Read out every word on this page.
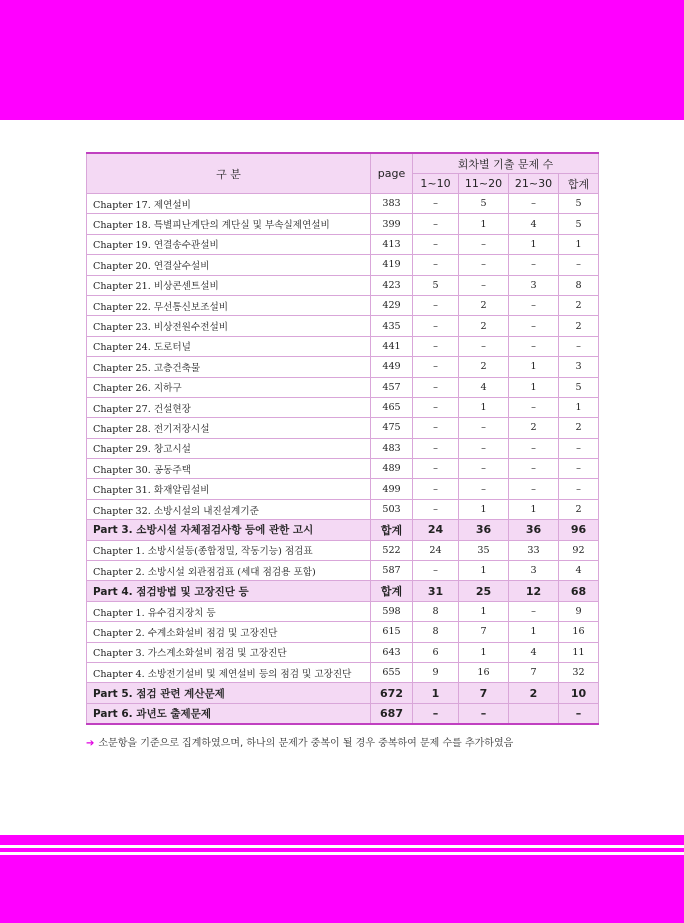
구 분	page	회차별 기출 문제 수			
		1~10	11~20	21~30	합계
Chapter 17. 제연설비	383	–	5	–	5
Chapter 18. 특별피난계단의 계단실 및 부속실제연설비	399	–	1	4	5
Chapter 19. 연결송수관설비	413	–	–	1	1
Chapter 20. 연결살수설비	419	–	–	–	–
Chapter 21. 비상콘센트설비	423	5	–	3	8
Chapter 22. 무선통신보조설비	429	–	2	–	2
Chapter 23. 비상전원수전설비	435	–	2	–	2
Chapter 24. 도로터널	441	–	–	–	–
Chapter 25. 고층건축물	449	–	2	1	3
Chapter 26. 지하구	457	–	4	1	5
Chapter 27. 건설현장	465	–	1	–	1
Chapter 28. 전기저장시설	475	–	–	2	2
Chapter 29. 창고시설	483	–	–	–	–
Chapter 30. 공동주택	489	–	–	–	–
Chapter 31. 화재알림설비	499	–	–	–	–
Chapter 32. 소방시설의 내진설계기준	503	–	1	1	2
Part 3. 소방시설 자체점검사항 등에 관한 고시	합계	24	36	36	96
Chapter 1. 소방시설등(종합정밀, 작동기능) 점검표	522	24	35	33	92
Chapter 2. 소방시설 외관점검표 (세대 점검용 포함)	587	–	1	3	4
Part 4. 점검방법 및 고장진단 등	합계	31	25	12	68
Chapter 1. 유수검지장치 등	598	8	1	–	9
Chapter 2. 수계소화설비 점검 및 고장진단	615	8	7	1	16
Chapter 3. 가스계소화설비 점검 및 고장진단	643	6	1	4	11
Chapter 4. 소방전기설비 및 제연설비 등의 점검 및 고장진단	655	9	16	7	32
Part 5. 점검 관련 계산문제	672	1	7	2	10
Part 6. 과년도 출제문제	687	–	–		–
➔ 소문항을 기준으로 집계하였으며, 하나의 문제가 중복이 될 경우 중복하여 문제 수를 추가하였음
